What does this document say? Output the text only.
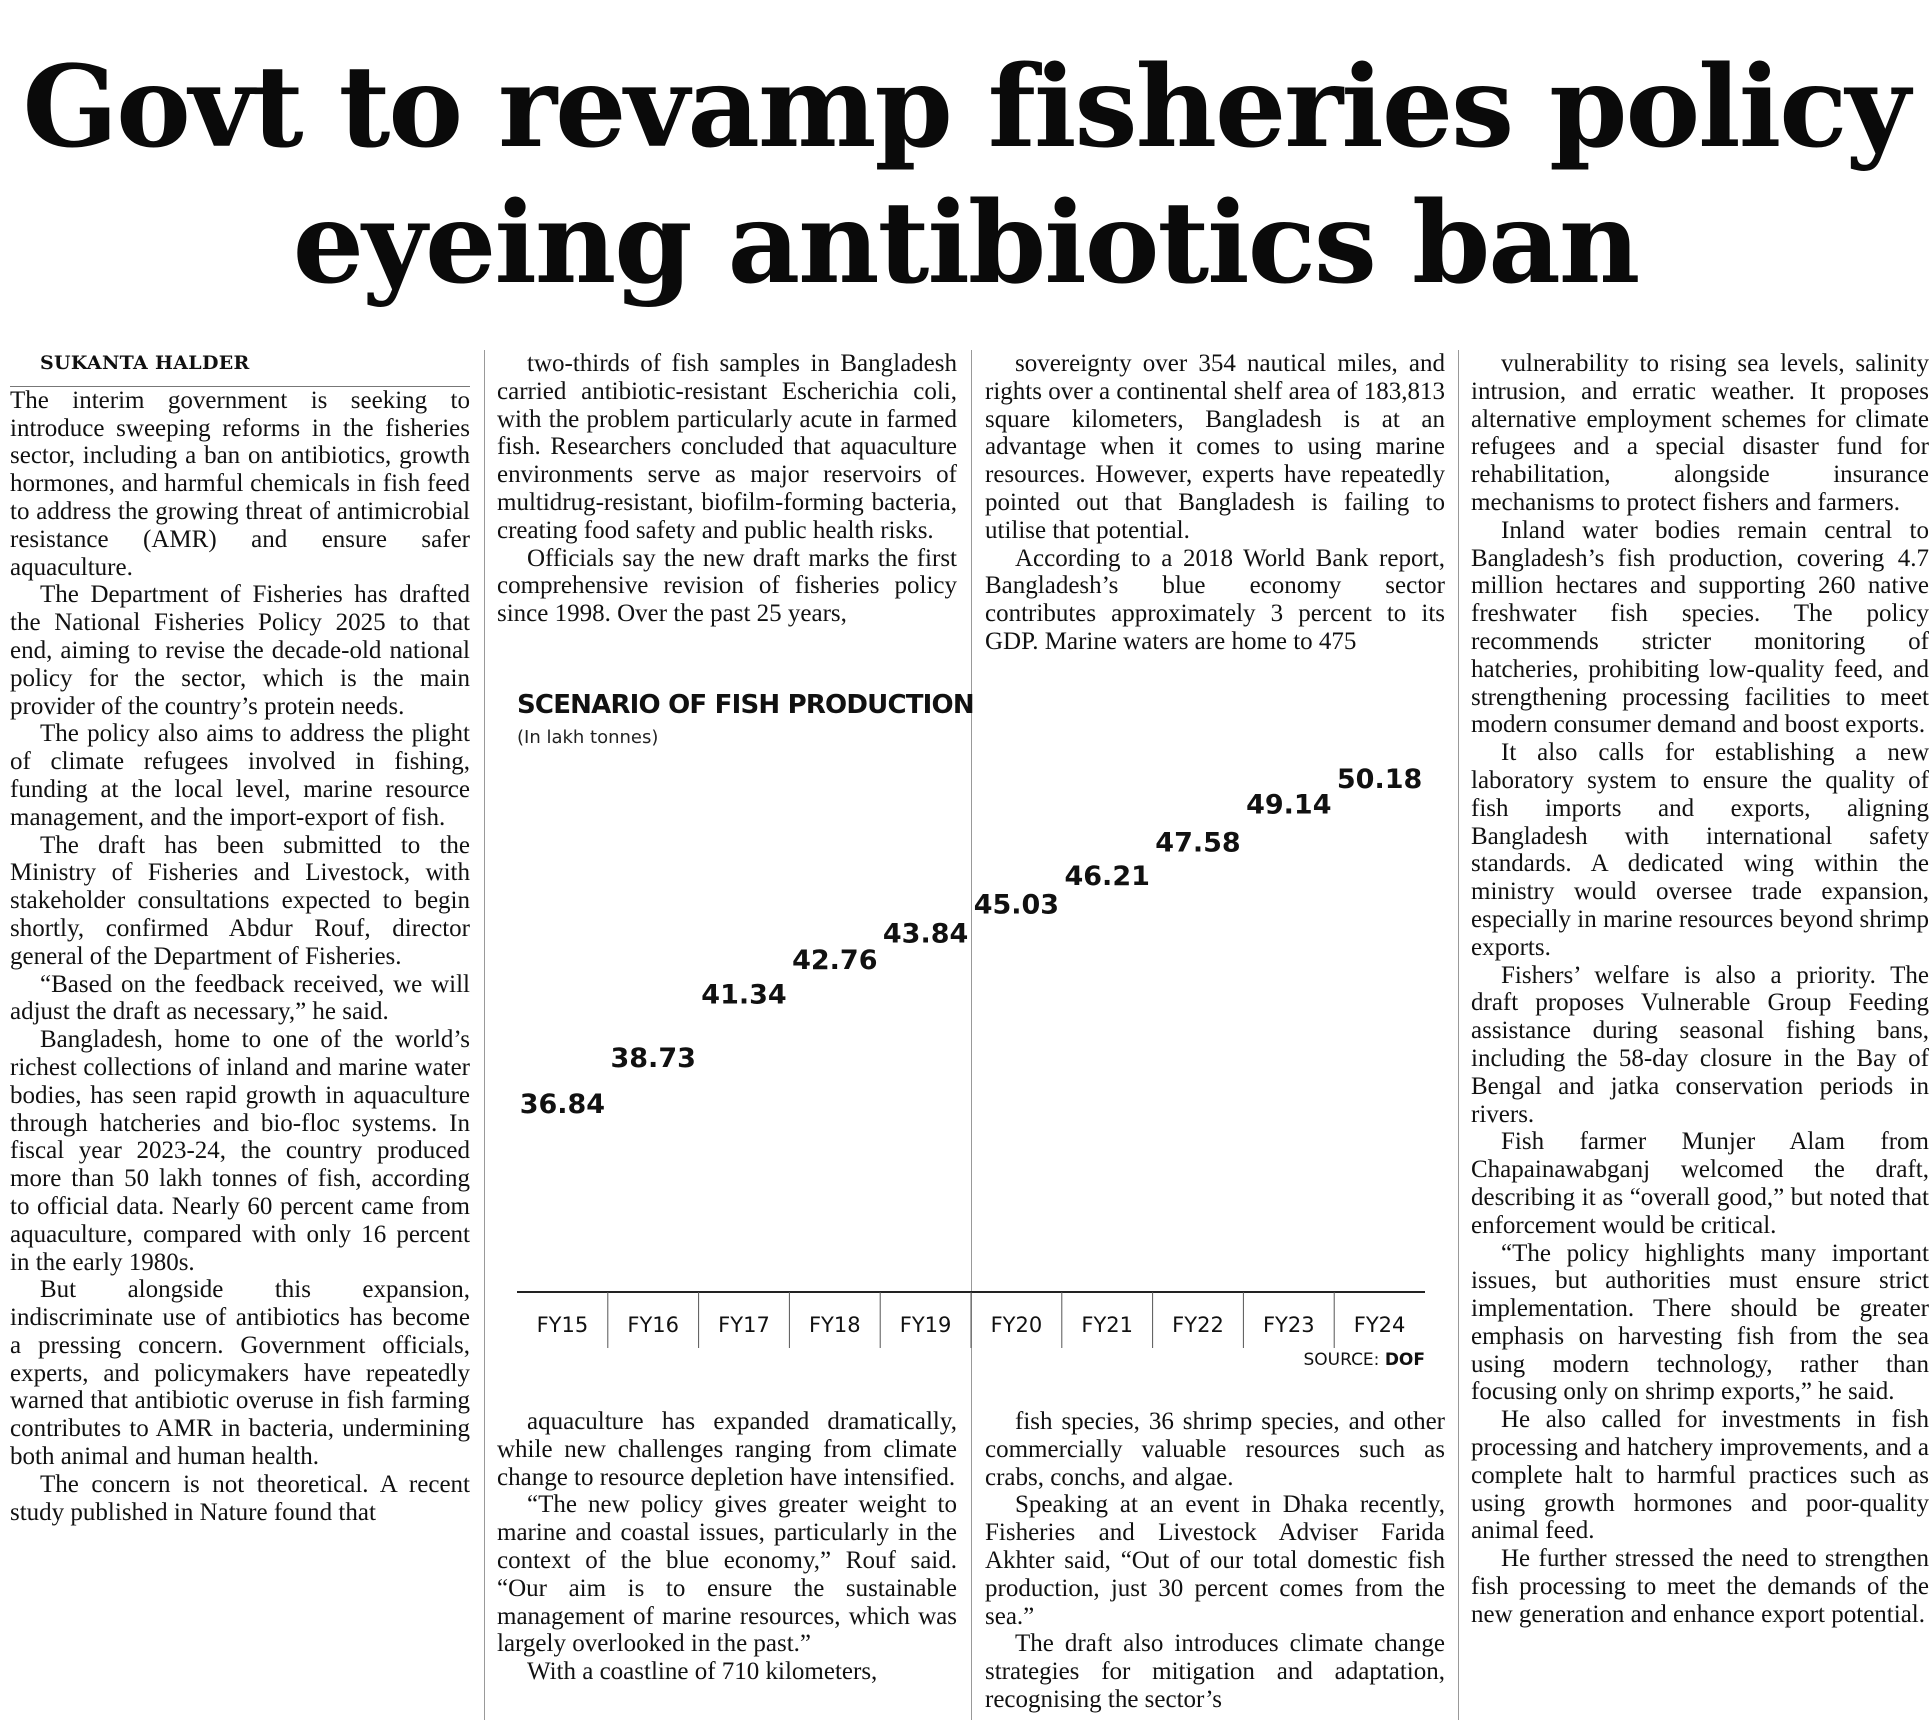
Govt to revamp fisheries policy
eyeing antibiotics ban

SUKANTA HALDER

The interim government is seeking to introduce sweeping reforms in the fisheries sector, including a ban on antibiotics, growth hormones, and harmful chemicals in fish feed to address the growing threat of antimicrobial resistance (AMR) and ensure safer aquaculture.

The Department of Fisheries has drafted the National Fisheries Policy 2025 to that end, aiming to revise the decade-old national policy for the sector, which is the main provider of the country’s protein needs.

The policy also aims to address the plight of climate refugees involved in fishing, funding at the local level, marine resource management, and the import-export of fish.

The draft has been submitted to the Ministry of Fisheries and Livestock, with stakeholder consultations expected to begin shortly, confirmed Abdur Rouf, director general of the Department of Fisheries.

“Based on the feedback received, we will adjust the draft as necessary,” he said.

Bangladesh, home to one of the world’s richest collections of inland and marine water bodies, has seen rapid growth in aquaculture through hatcheries and bio-floc systems. In fiscal year 2023-24, the country produced more than 50 lakh tonnes of fish, according to official data. Nearly 60 percent came from aquaculture, compared with only 16 percent in the early 1980s.

But alongside this expansion, indiscriminate use of antibiotics has become a pressing concern. Government officials, experts, and policymakers have repeatedly warned that antibiotic overuse in fish farming contributes to AMR in bacteria, undermining both animal and human health.

The concern is not theoretical. A recent study published in Nature found that

two-thirds of fish samples in Bangladesh carried antibiotic-resistant Escherichia coli, with the problem particularly acute in farmed fish. Researchers concluded that aquaculture environments serve as major reservoirs of multidrug-resistant, biofilm-forming bacteria, creating food safety and public health risks.

Officials say the new draft marks the first comprehensive revision of fisheries policy since 1998. Over the past 25 years,

sovereignty over 354 nautical miles, and rights over a continental shelf area of 183,813 square kilometers, Bangladesh is at an advantage when it comes to using marine resources. However, experts have repeatedly pointed out that Bangladesh is failing to utilise that potential.

According to a 2018 World Bank report, Bangladesh’s blue economy sector contributes approximately 3 percent to its GDP. Marine waters are home to 475

aquaculture has expanded dramatically, while new challenges ranging from climate change to resource depletion have intensified.

“The new policy gives greater weight to marine and coastal issues, particularly in the context of the blue economy,” Rouf said. “Our aim is to ensure the sustainable management of marine resources, which was largely overlooked in the past.”

With a coastline of 710 kilometers,

fish species, 36 shrimp species, and other commercially valuable resources such as crabs, conchs, and algae.

Speaking at an event in Dhaka recently, Fisheries and Livestock Adviser Farida Akhter said, “Out of our total domestic fish production, just 30 percent comes from the sea.”

The draft also introduces climate change strategies for mitigation and adaptation, recognising the sector’s

vulnerability to rising sea levels, salinity intrusion, and erratic weather. It proposes alternative employment schemes for climate refugees and a special disaster fund for rehabilitation, alongside insurance mechanisms to protect fishers and farmers.

Inland water bodies remain central to Bangladesh’s fish production, covering 4.7 million hectares and supporting 260 native freshwater fish species. The policy recommends stricter monitoring of hatcheries, prohibiting low-quality feed, and strengthening processing facilities to meet modern consumer demand and boost exports.

It also calls for establishing a new laboratory system to ensure the quality of fish imports and exports, aligning Bangladesh with international safety standards. A dedicated wing within the ministry would oversee trade expansion, especially in marine resources beyond shrimp exports.

Fishers’ welfare is also a priority. The draft proposes Vulnerable Group Feeding assistance during seasonal fishing bans, including the 58-day closure in the Bay of Bengal and jatka conservation periods in rivers.

Fish farmer Munjer Alam from Chapainawabganj welcomed the draft, describing it as “overall good,” but noted that enforcement would be critical.

“The policy highlights many important issues, but authorities must ensure strict implementation. There should be greater emphasis on harvesting fish from the sea using modern technology, rather than focusing only on shrimp exports,” he said.

He also called for investments in fish processing and hatchery improvements, and a complete halt to harmful practices such as using growth hormones and poor-quality animal feed.

He further stressed the need to strengthen fish processing to meet the demands of the new generation and enhance export potential.

36.84
38.73
41.34
42.76
43.84
45.03
46.21
47.58
49.14
50.18
FY15 FY16 FY17 FY18 FY19 FY20 FY21 FY22 FY23 FY24
SCENARIO OF FISH PRODUCTION
(In lakh tonnes)
SOURCE: DOF
